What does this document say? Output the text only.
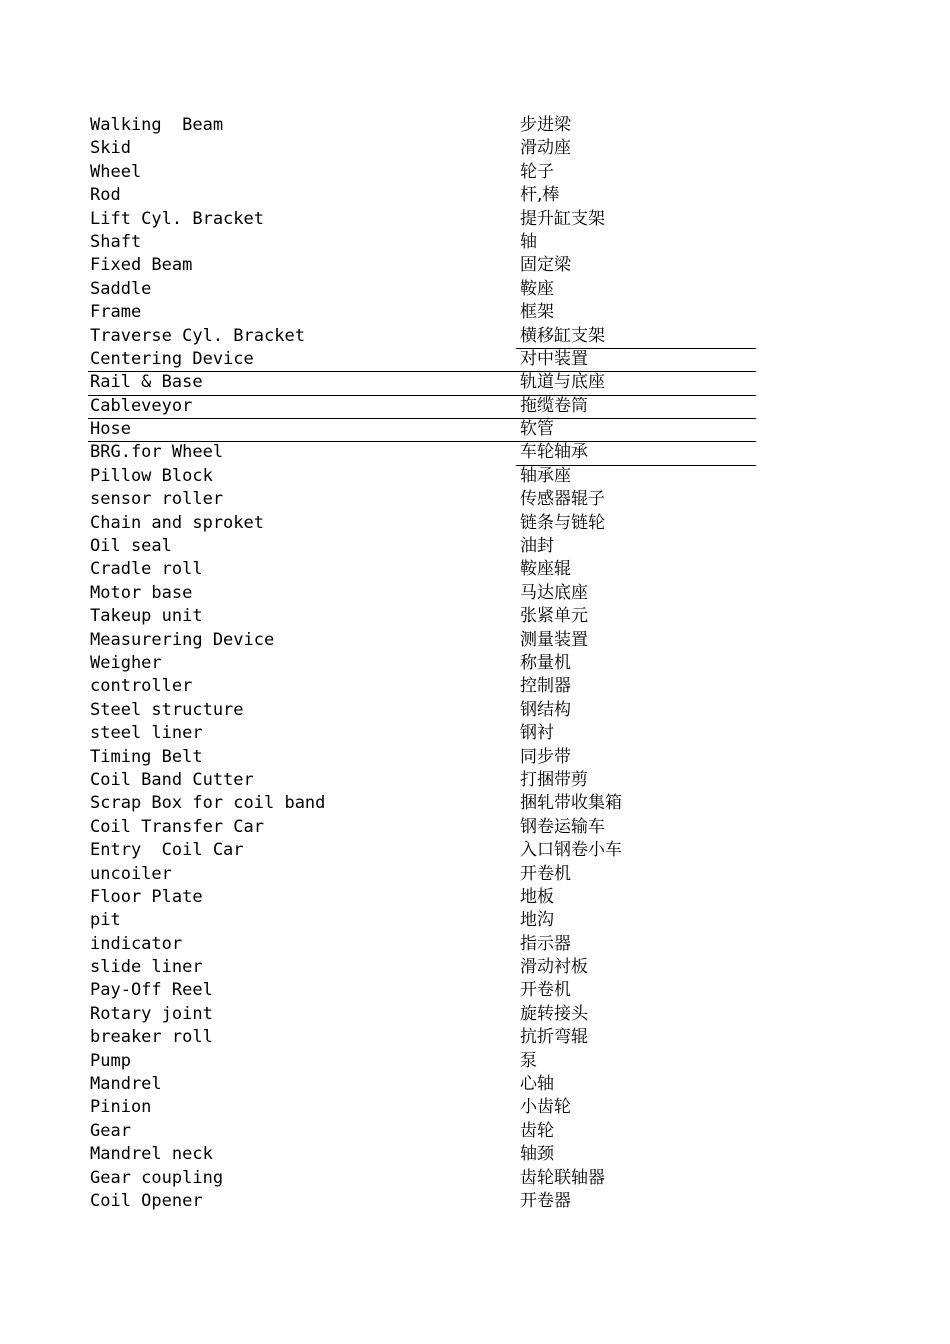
Walking  Beam	步进梁
Skid	滑动座
Wheel	轮子
Rod	杆,棒
Lift Cyl. Bracket	提升缸支架
Shaft	轴
Fixed Beam	固定梁
Saddle	鞍座
Frame	框架
Traverse Cyl. Bracket	横移缸支架
Centering Device	对中装置
Rail & Base	轨道与底座
Cableveyor	拖缆卷筒
Hose	软管
BRG.for Wheel	车轮轴承
Pillow Block	轴承座
sensor roller	传感器辊子
Chain and sproket	链条与链轮
Oil seal	油封
Cradle roll	鞍座辊
Motor base	马达底座
Takeup unit	张紧单元
Measurering Device	测量装置
Weigher	称量机
controller	控制器
Steel structure	钢结构
steel liner	钢衬
Timing Belt	同步带
Coil Band Cutter	打捆带剪
Scrap Box for coil band	捆轧带收集箱
Coil Transfer Car	钢卷运输车
Entry  Coil Car	入口钢卷小车
uncoiler	开卷机
Floor Plate	地板
pit	地沟
indicator	指示器
slide liner	滑动衬板
Pay-Off Reel	开卷机
Rotary joint	旋转接头
breaker roll	抗折弯辊
Pump	泵
Mandrel	心轴
Pinion	小齿轮
Gear	齿轮
Mandrel neck	轴颈
Gear coupling	齿轮联轴器
Coil Opener	开卷器
